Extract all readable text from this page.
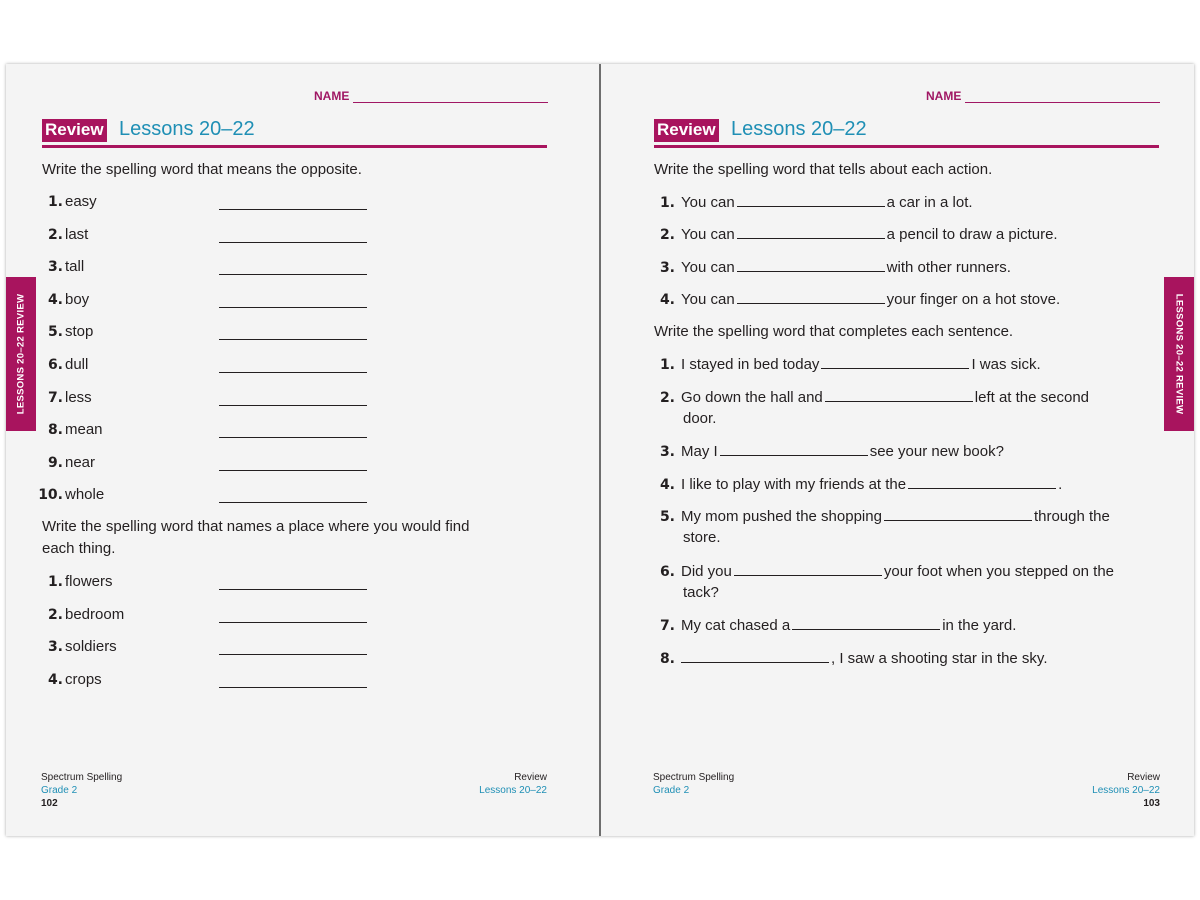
NAME
Review Lessons 20–22
LESSONS 20–22 REVIEW
Write the spelling word that means the opposite.
1. easy
2. last
3. tall
4. boy
5. stop
6. dull
7. less
8. mean
9. near
10. whole
Write the spelling word that names a place where you would find
each thing.
1. flowers
2. bedroom
3. soldiers
4. crops
Spectrum Spelling
Grade 2
102
Review
Lessons 20–22
NAME
Review Lessons 20–22
LESSONS 20–22 REVIEW
Write the spelling word that tells about each action.
1. You can	a car in a lot.
2. You can	a pencil to draw a picture.
3. You can	with other runners.
4. You can	your finger on a hot stove.
Write the spelling word that completes each sentence.
1. I stayed in bed today	I was sick.
2. Go down the hall and	left at the second
door.
3. May I	see your new book?
4. I like to play with my friends at the	.
5. My mom pushed the shopping	through the
store.
6. Did you	your foot when you stepped on the
tack?
7. My cat chased a	in the yard.
8.	, I saw a shooting star in the sky.
Spectrum Spelling
Grade 2
Review
Lessons 20–22
103
